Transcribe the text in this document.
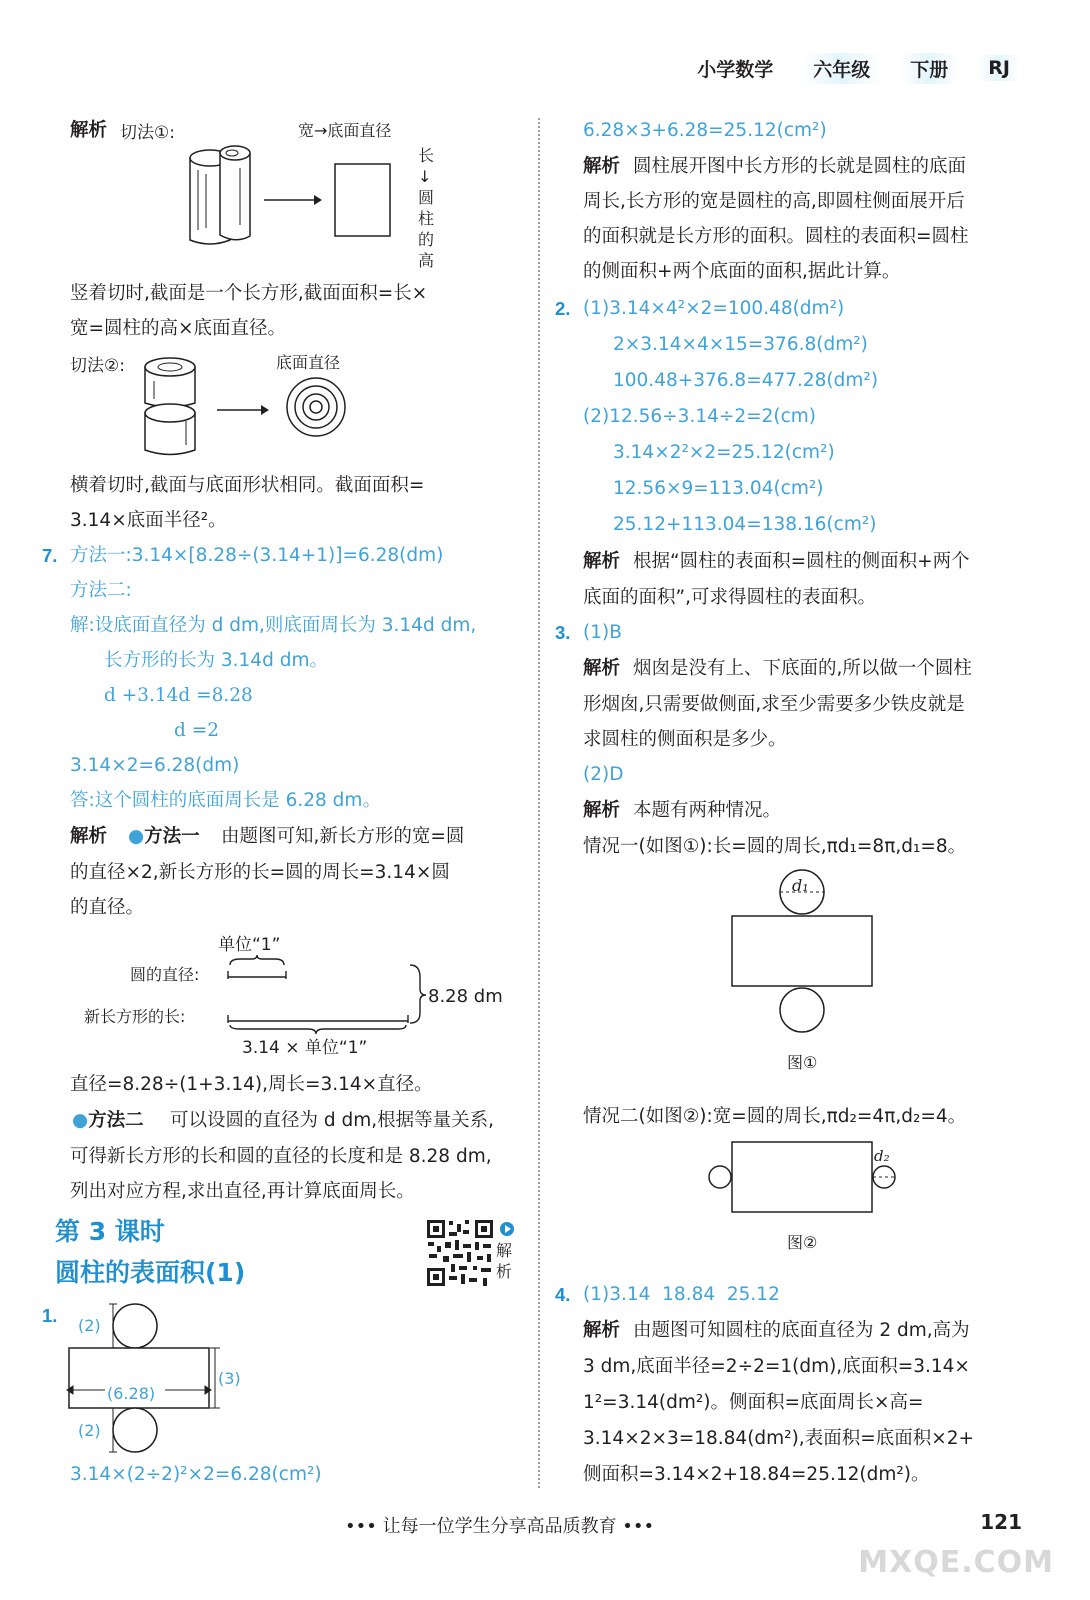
小学数学	六年级	下册	RJ
解析 切法①:	宽→底面直径
长↓圆柱的高
竖着切时,截面是一个长方形,截面面积=长×
宽=圆柱的高×底面直径。
切法②:	底面直径
横着切时,截面与底面形状相同。截面面积=
3.14×底面半径²。
7. 方法一:3.14×[8.28÷(3.14+1)]=6.28(dm)
方法二:
解:设底面直径为 d dm,则底面周长为 3.14d dm,
长方形的长为 3.14d dm。
d +3.14d =8.28
d =2
3.14×2=6.28(dm)
答:这个圆柱的底面周长是 6.28 dm。
解析 ●方法一 由题图可知,新长方形的宽=圆
的直径×2,新长方形的长=圆的周长=3.14×圆
的直径。
单位“1”
圆的直径:
新长方形的长:
8.28 dm
3.14 × 单位“1”
直径=8.28÷(1+3.14),周长=3.14×直径。
●方法二 可以设圆的直径为 d dm,根据等量关系,
可得新长方形的长和圆的直径的长度和是 8.28 dm,
列出对应方程,求出直径,再计算底面周长。
第 3 课时
圆柱的表面积(1)
解析
1. (2)
(6.28)
(3)
(2)
3.14×(2÷2)²×2=6.28(cm²)
6.28×3+6.28=25.12(cm²)
解析 圆柱展开图中长方形的长就是圆柱的底面
周长,长方形的宽是圆柱的高,即圆柱侧面展开后
的面积就是长方形的面积。圆柱的表面积=圆柱
的侧面积+两个底面的面积,据此计算。
2. (1)3.14×4²×2=100.48(dm²)
2×3.14×4×15=376.8(dm²)
100.48+376.8=477.28(dm²)
(2)12.56÷3.14÷2=2(cm)
3.14×2²×2=25.12(cm²)
12.56×9=113.04(cm²)
25.12+113.04=138.16(cm²)
解析 根据“圆柱的表面积=圆柱的侧面积+两个
底面的面积”,可求得圆柱的表面积。
3. (1)B
解析 烟囱是没有上、下底面的,所以做一个圆柱
形烟囱,只需要做侧面,求至少需要多少铁皮就是
求圆柱的侧面积是多少。
(2)D
解析 本题有两种情况。
情况一(如图①):长=圆的周长,πd₁=8π,d₁=8。
d₁
图①
情况二(如图②):宽=圆的周长,πd₂=4π,d₂=4。
d₂
图②
4. (1)3.14  18.84  25.12
解析 由题图可知圆柱的底面直径为 2 dm,高为
3 dm,底面半径=2÷2=1(dm),底面积=3.14×
1²=3.14(dm²)。侧面积=底面周长×高=
3.14×2×3=18.84(dm²),表面积=底面积×2+
侧面积=3.14×2+18.84=25.12(dm²)。
••• 让每一位学生分享高品质教育 •••	121
MXQE.COM
